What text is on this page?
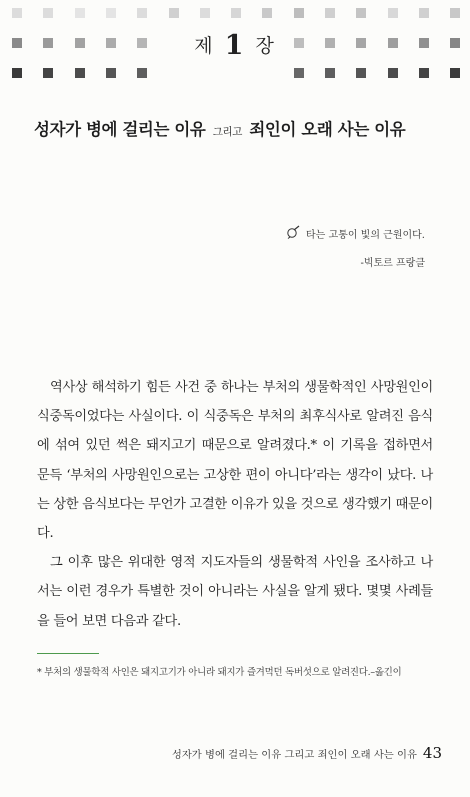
제 1 장
성자가 병에 걸리는 이유 그리고 죄인이 오래 사는 이유
타는 고통이 빛의 근원이다.
-빅토르 프랑클

역사상 해석하기 힘든 사건 중 하나는 부처의 생물학적인 사망원인이 식중독이었다는 사실이다. 이 식중독은 부처의 최후식사로 알려진 음식에 섞여 있던 썩은 돼지고기 때문으로 알려졌다.* 이 기록을 접하면서 문득 ‘부처의 사망원인으로는 고상한 편이 아니다’라는 생각이 났다. 나는 상한 음식보다는 무언가 고결한 이유가 있을 것으로 생각했기 때문이다.

그 이후 많은 위대한 영적 지도자들의 생물학적 사인을 조사하고 나서는 이런 경우가 특별한 것이 아니라는 사실을 알게 됐다. 몇몇 사례들을 들어 보면 다음과 같다.

* 부처의 생물학적 사인은 돼지고기가 아니라 돼지가 즐겨먹던 독버섯으로 알려진다.–옮긴이
성자가 병에 걸리는 이유 그리고 죄인이 오래 사는 이유 43
